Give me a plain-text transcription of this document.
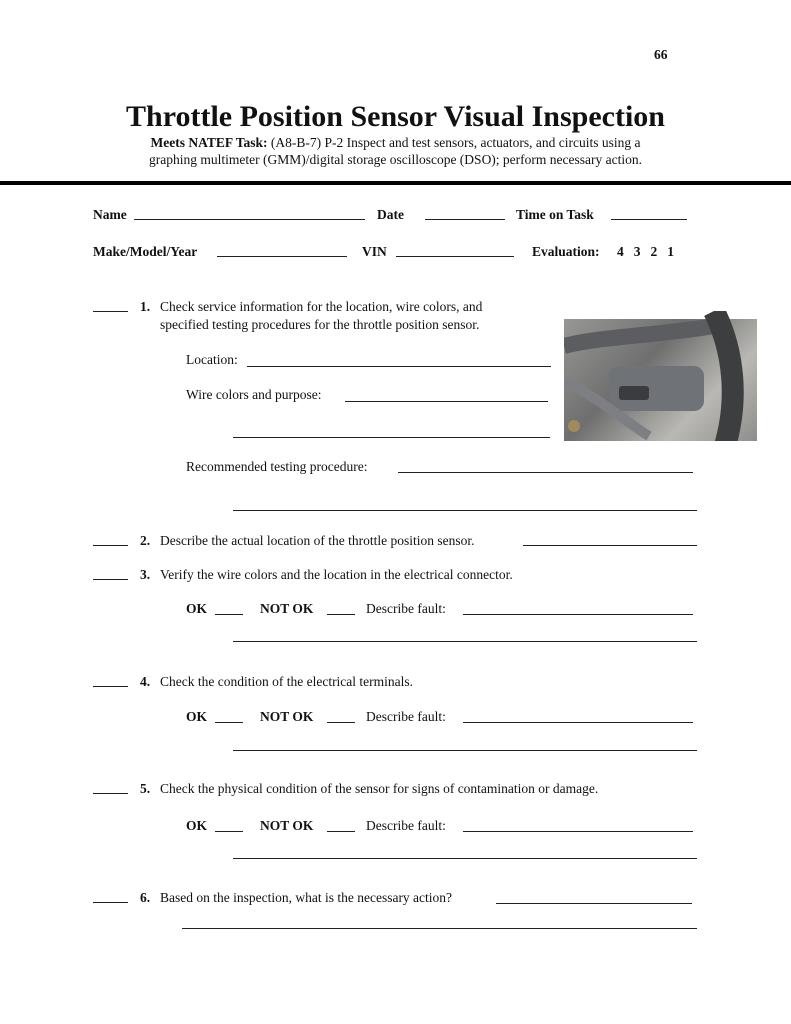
66
Throttle Position Sensor Visual Inspection
Meets NATEF Task: (A8-B-7) P-2 Inspect and test sensors, actuators, and circuits using a
graphing multimeter (GMM)/digital storage oscilloscope (DSO); perform necessary action.
Name	Date	Time on Task
Make/Model/Year	VIN	Evaluation: 4 3 2 1
1. Check service information for the location, wire colors, and
specified testing procedures for the throttle position sensor.
Location:
Wire colors and purpose:
Recommended testing procedure:
2. Describe the actual location of the throttle position sensor.
3. Verify the wire colors and the location in the electrical connector.
OK	NOT OK	Describe fault:
4. Check the condition of the electrical terminals.
OK	NOT OK	Describe fault:
5. Check the physical condition of the sensor for signs of contamination or damage.
OK	NOT OK	Describe fault:
6. Based on the inspection, what is the necessary action?
